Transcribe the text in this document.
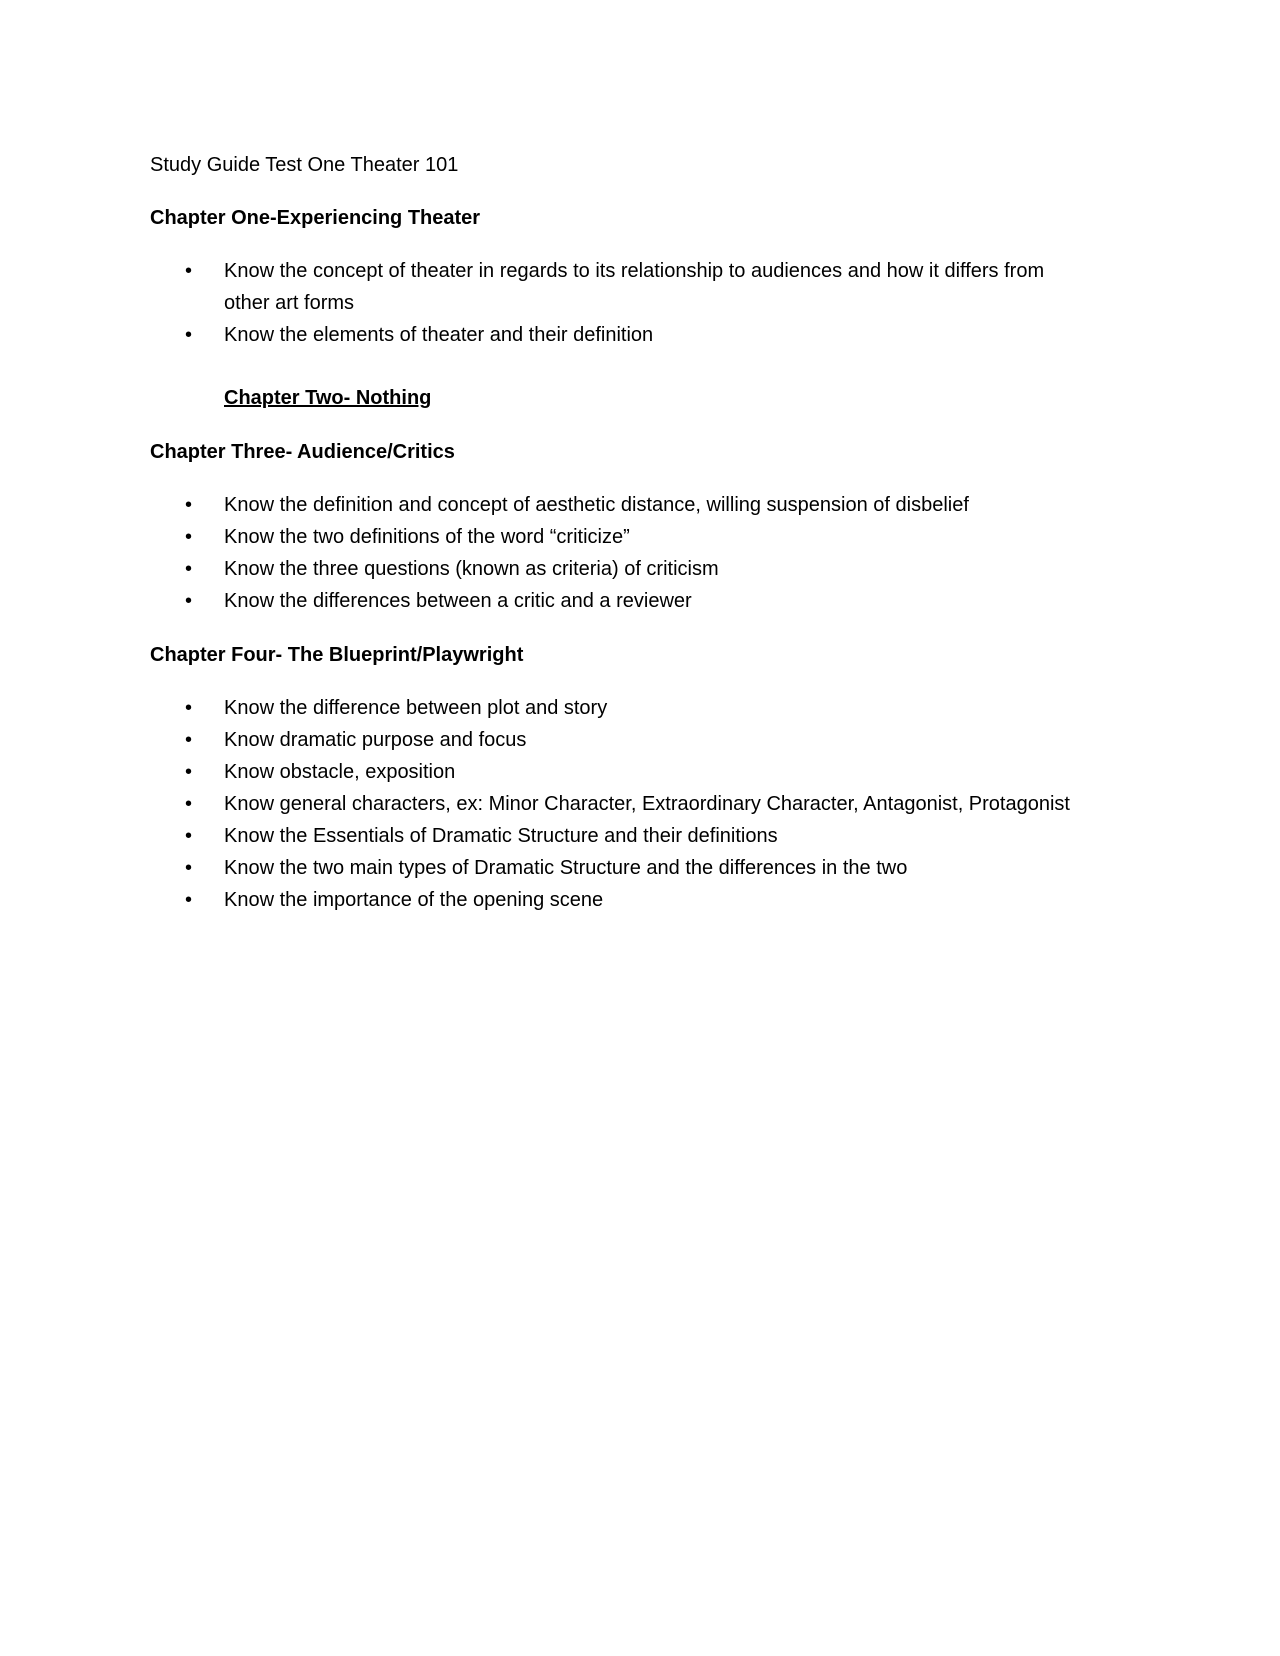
Study Guide Test One Theater 101
Chapter One-Experiencing Theater
• Know the concept of theater in regards to its relationship to audiences and how it differs from
other art forms
• Know the elements of theater and their definition
Chapter Two- Nothing
Chapter Three- Audience/Critics
• Know the definition and concept of aesthetic distance, willing suspension of disbelief
• Know the two definitions of the word “criticize”
• Know the three questions (known as criteria) of criticism
• Know the differences between a critic and a reviewer
Chapter Four- The Blueprint/Playwright
• Know the difference between plot and story
• Know dramatic purpose and focus
• Know obstacle, exposition
• Know general characters, ex: Minor Character, Extraordinary Character, Antagonist, Protagonist
• Know the Essentials of Dramatic Structure and their definitions
• Know the two main types of Dramatic Structure and the differences in the two
• Know the importance of the opening scene
